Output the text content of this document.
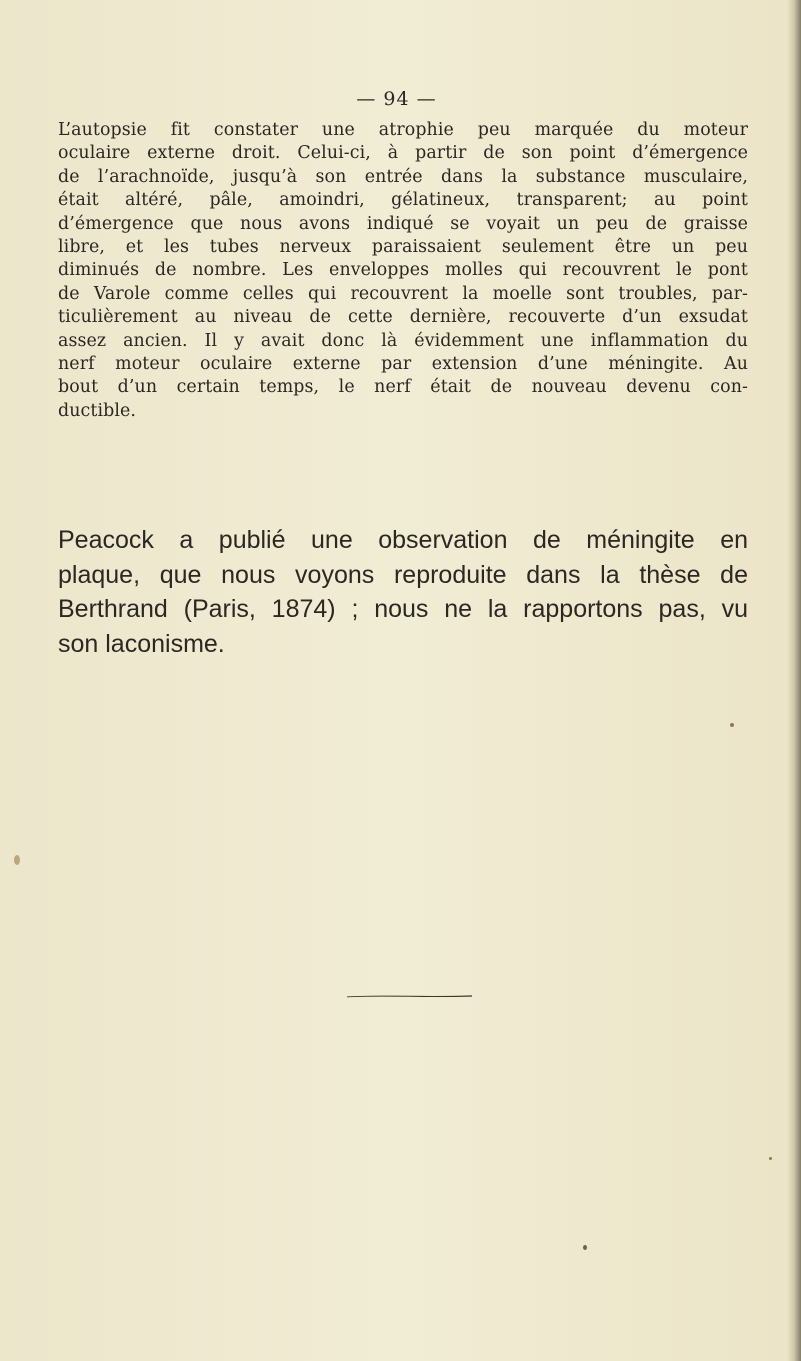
— 94 —

L’autopsie fit constater une atrophie peu marquée du moteur
oculaire externe droit. Celui-ci, à partir de son point d’émergence
de l’arachnoïde, jusqu’à son entrée dans la substance musculaire,
était altéré, pâle, amoindri, gélatineux, transparent; au point
d’émergence que nous avons indiqué se voyait un peu de graisse
libre, et les tubes nerveux paraissaient seulement être un peu
diminués de nombre. Les enveloppes molles qui recouvrent le pont
de Varole comme celles qui recouvrent la moelle sont troubles, par-
ticulièrement au niveau de cette dernière, recouverte d’un exsudat
assez ancien. Il y avait donc là évidemment une inflammation du
nerf moteur oculaire externe par extension d’une méningite. Au
bout d’un certain temps, le nerf était de nouveau devenu con-
ductible.

Peacock a publié une observation de méningite en
plaque, que nous voyons reproduite dans la thèse de
Berthrand (Paris, 1874) ; nous ne la rapportons pas, vu
son laconisme.
